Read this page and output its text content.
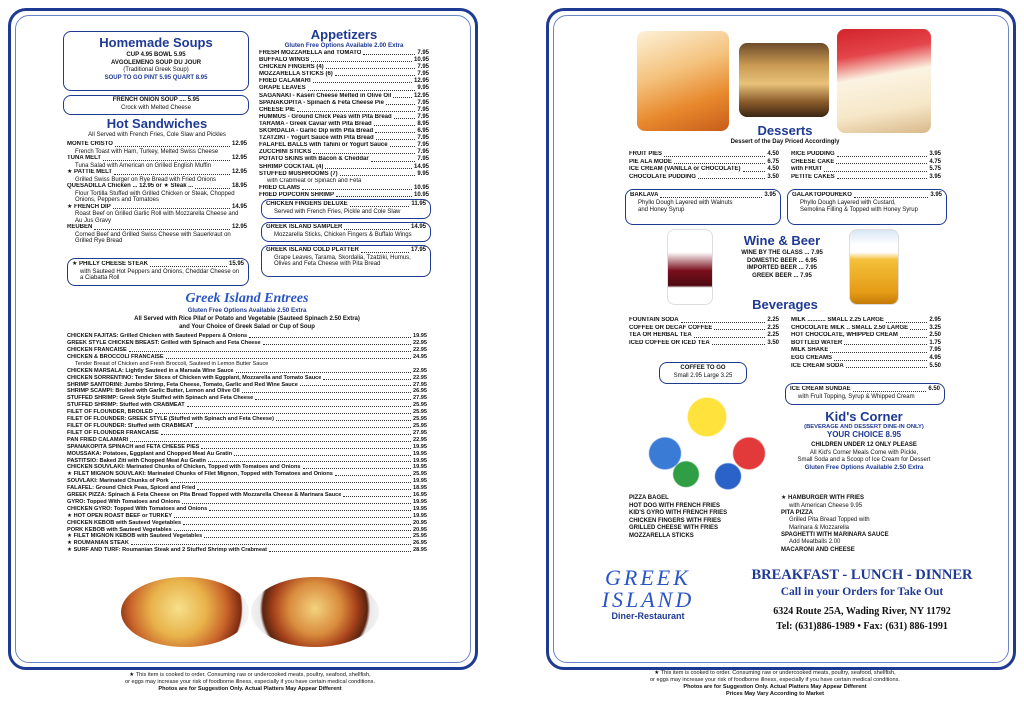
Homemade Soups
CUP 4.95 BOWL 5.95
AVGOLEMENO SOUP DU JOUR
(Traditional Greek Soup)
SOUP TO GO PINT 5.95 QUART 8.95
FRENCH ONION SOUP .... 5.95
Crock with Melted Cheese
Hot Sandwiches
All Served with French Fries, Cole Slaw and Pickles
MONTE CRISTO	12.95
French Toast with Ham, Turkey, Melted Swiss Cheese
TUNA MELT	12.95
Tuna Salad with American on Grilled English Muffin
★ PATTIE MELT	12.95
Grilled Swiss Burger on Rye Bread with Fried Onions
QUESADILLA Chicken ... 12.95 or ★ Steak ...	18.95
Flour Tortilla Stuffed with Grilled Chicken or Steak, Chopped Onions, Peppers and Tomatoes
★ FRENCH DIP	14.95
Roast Beef on Grilled Garlic Roll with Mozzarella Cheese and Au Jus Gravy
REUBEN	12.95
Corned Beef and Grilled Swiss Cheese with Sauerkraut on Grilled Rye Bread
★ PHILLY CHEESE STEAK	15.95
with Sauteed Hot Peppers and Onions, Cheddar Cheese on a Ciabatta Roll
Appetizers
Gluten Free Options Available 2.00 Extra
FRESH MOZZARELLA and TOMATO	7.95
BUFFALO WINGS	10.95
CHICKEN FINGERS (4)	7.95
MOZZARELLA STICKS (6)	7.95
FRIED CALAMARI	12.95
GRAPE LEAVES	9.95
SAGANAKI - Kaseri Cheese Melted in Olive Oil	12.95
SPANAKOPITA - Spinach & Feta Cheese Pie	7.95
CHEESE PIE	7.95
HUMMUS - Ground Chick Peas with Pita Bread	7.95
TARAMA - Greek Caviar with Pita Bread	8.95
SKORDALIA - Garlic Dip with Pita Bread	6.95
TZATZIKI - Yogurt Sauce with Pita Bread	7.95
FALAFEL BALLS with Tahini or Yogurt Sauce	7.95
ZUCCHINI STICKS	7.95
POTATO SKINS with Bacon & Cheddar	7.95
SHRIMP COCKTAIL (4)	14.95
STUFFED MUSHROOMS (7)	9.95
with Crabmeat or Spinach and Feta
FRIED CLAMS	10.95
FRIED POPCORN SHRIMP	10.95
CHICKEN FINGERS DELUXE	11.95
Served with French Fries, Pickle and Cole Slaw
GREEK ISLAND SAMPLER	14.95
Mozzarella Sticks, Chicken Fingers & Buffalo Wings
GREEK ISLAND COLD PLATTER	17.95
Grape Leaves, Tarama, Skordalia, Tzatziki, Humus, Olives and Feta Cheese with Pita Bread
Greek Island Entrees
Gluten Free Options Available 2.50 Extra
All Served with Rice Pilaf or Potato and Vegetable (Sauteed Spinach 2.50 Extra)
and Your Choice of Greek Salad or Cup of Soup
CHICKEN FAJITAS: Grilled Chicken with Sauteed Peppers & Onions	19.95
GREEK STYLE CHICKEN BREAST: Grilled with Spinach and Feta Cheese	22.95
CHICKEN FRANCAISE	22.95
CHICKEN & BROCCOLI FRANCAISE	24.95
Tender Breast of Chicken and Fresh Broccoli, Sauteed in Lemon Butter Sauce
CHICKEN MARSALA: Lightly Sauteed in a Marsala Wine Sauce	22.95
CHICKEN SORRENTINO: Tender Slices of Chicken with Eggplant, Mozzarella and Tomato Sauce	22.95
SHRIMP SANTORINI: Jumbo Shrimp, Feta Cheese, Tomato, Garlic and Red Wine Sauce	27.95
SHRIMP SCAMPI: Broiled with Garlic Butter, Lemon and Olive Oil	26.95
STUFFED SHRIMP: Greek Style Stuffed with Spinach and Feta Cheese	27.95
STUFFED SHRIMP: Stuffed with CRABMEAT	25.95
FILET OF FLOUNDER, BROILED	25.95
FILET OF FLOUNDER: GREEK STYLE (Stuffed with Spinach and Feta Cheese)	25.95
FILET OF FLOUNDER: Stuffed with CRABMEAT	25.95
FILET OF FLOUNDER FRANCAISE	27.95
PAN FRIED CALAMARI	22.95
SPANAKOPITA SPINACH and FETA CHEESE PIES	19.95
MOUSSAKA: Potatoes, Eggplant and Chopped Meat Au Gratin	19.95
PASTITSIO: Baked Ziti with Chopped Meat Au Gratin	19.95
CHICKEN SOUVLAKI: Marinated Chunks of Chicken, Topped with Tomatoes and Onions	19.95
★ FILET MIGNON SOUVLAKI: Marinated Chunks of Filet Mignon, Topped with Tomatoes and Onions	25.95
SOUVLAKI: Marinated Chunks of Pork	19.95
FALAFEL: Ground Chick Peas, Spiced and Fried	18.95
GREEK PIZZA: Spinach & Feta Cheese on Pita Bread Topped with Mozzarella Cheese & Marinara Sauce	16.95
GYRO: Topped With Tomatoes and Onions	19.95
CHICKEN GYRO: Topped With Tomatoes and Onions	19.95
★ HOT OPEN ROAST BEEF or TURKEY	19.95
CHICKEN KEBOB with Sauteed Vegetables	20.95
PORK KEBOB with Sauteed Vegetables	20.95
★ FILET MIGNON KEBOB with Sauteed Vegetables	25.95
★ ROUMANIAN STEAK	26.95
★ SURF AND TURF: Roumanian Steak and 2 Stuffed Shrimp with Crabmeat	28.95
★ This item is cooked to order. Consuming raw or undercooked meats, poultry, seafood, shellfish,
or eggs may increase your risk of foodborne illness, especially if you have certain medical conditions.
Photos are for Suggestion Only. Actual Platters May Appear Different
Desserts
Dessert of the Day Priced Accordingly
FRUIT PIES	4.50
PIE ALA MODE	6.75
ICE CREAM (VANILLA or CHOCOLATE)	4.50
CHOCOLATE PUDDING	3.50
RICE PUDDING	3.95
CHEESE CAKE	4.75
with FRUIT	5.75
PETITE CAKES	3.95
BAKLAVA	3.95
Phyllo Dough Layered with Walnuts
and Honey Syrup
GALAKTOPOUREKO	3.95
Phyllo Dough Layered with Custard,
Semolina Filling & Topped with Honey Syrup
Wine & Beer
WINE BY THE GLASS ... 7.95
DOMESTIC BEER ... 6.95
IMPORTED BEER ... 7.95
GREEK BEER ... 7.95
Beverages
FOUNTAIN SODA	2.25
COFFEE OR DECAF COFFEE	2.25
TEA OR HERBAL TEA	2.25
ICED COFFEE OR ICED TEA	3.50
MILK ........... SMALL 2.25 LARGE	2.95
CHOCOLATE MILK .. SMALL 2.50 LARGE	3.25
HOT CHOCOLATE, WHIPPED CREAM	2.50
BOTTLED WATER	1.75
MILK SHAKE	7.95
EGG CREAMS	4.95
ICE CREAM SODA	5.50
COFFEE TO GO
Small 2.95 Large 3.25
ICE CREAM SUNDAE	6.50
with Fruit Topping, Syrup & Whipped Cream
Kid's Corner
(BEVERAGE AND DESSERT DINE-IN ONLY)
YOUR CHOICE 8.95
CHILDREN UNDER 12 ONLY PLEASE
All Kid's Corner Meals Come with Pickle,
Small Soda and a Scoop of Ice Cream for Dessert
Gluten Free Options Available 2.50 Extra
PIZZA BAGEL
HOT DOG WITH FRENCH FRIES
KID'S GYRO WITH FRENCH FRIES
CHICKEN FINGERS WITH FRIES
GRILLED CHEESE WITH FRIES
MOZZARELLA STICKS
★ HAMBURGER WITH FRIES
with American Cheese 9.95
PITA PIZZA
Grilled Pita Bread Topped with
Marinara & Mozzarella
SPAGHETTI WITH MARINARA SAUCE
Add Meatballs 2.00
MACARONI AND CHEESE
GREEK
ISLAND
Diner-Restaurant
BREAKFAST - LUNCH - DINNER
Call in your Orders for Take Out
6324 Route 25A, Wading River, NY 11792
Tel: (631)886-1989 • Fax: (631) 886-1991
★ This item is cooked to order. Consuming raw or undercooked meats, poultry, seafood, shellfish,
or eggs may increase your risk of foodborne illness, especially if you have certain medical conditions.
Photos are for Suggestion Only. Actual Platters May Appear Different
Prices May Vary According to Market
